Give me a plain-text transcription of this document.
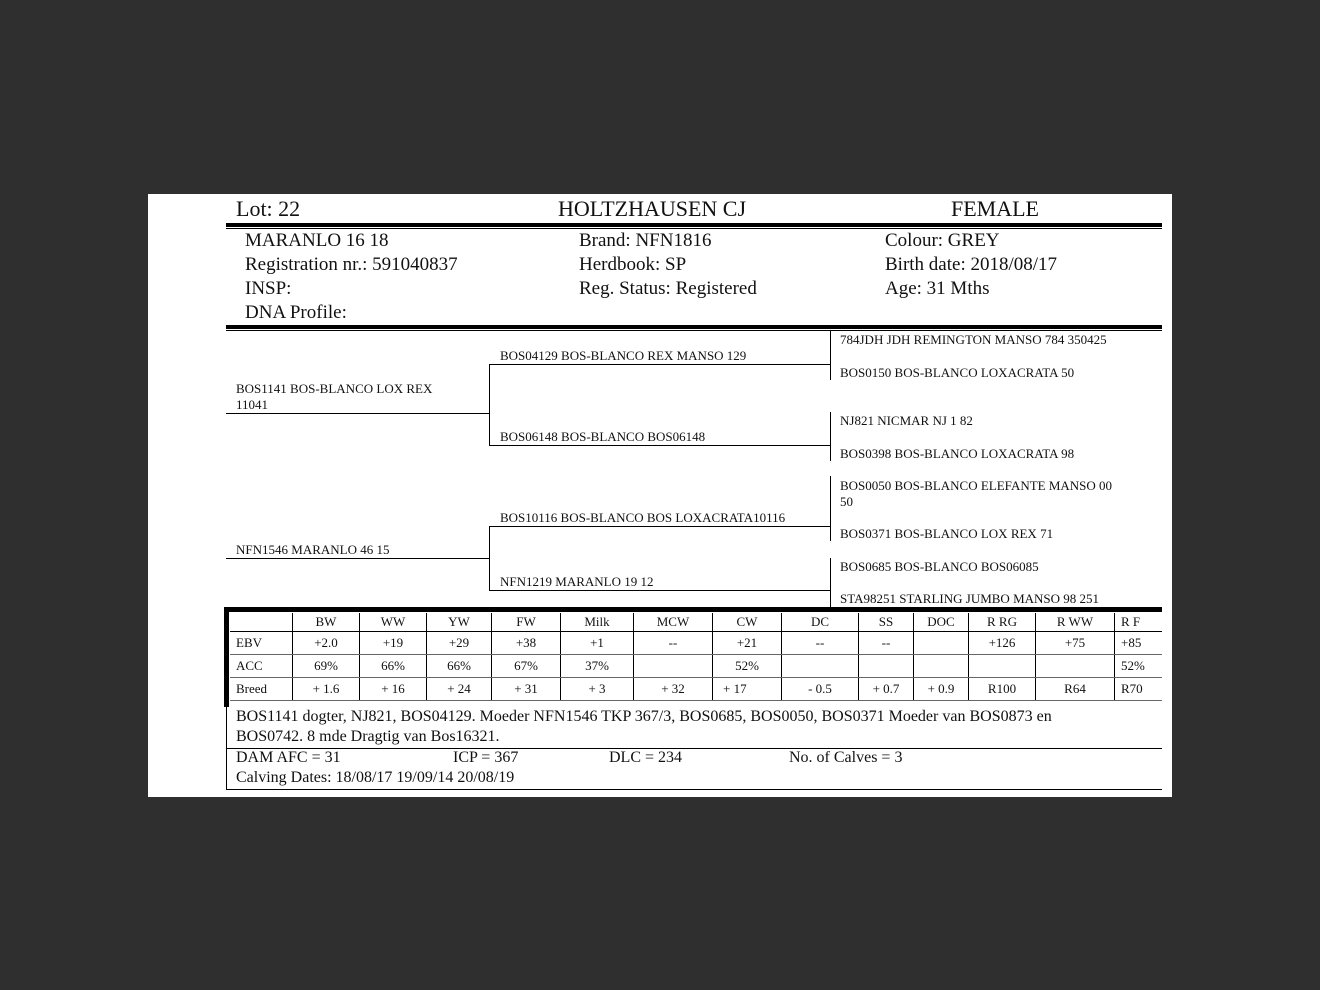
Lot: 22	HOLTZHAUSEN CJ	FEMALE
MARANLO 16 18
Registration nr.: 591040837
INSP:
DNA Profile:
Brand: NFN1816
Herdbook: SP
Reg. Status: Registered
Colour: GREY
Birth date: 2018/08/17
Age: 31 Mths
BOS1141 BOS-BLANCO LOX REX
11041
NFN1546 MARANLO 46 15
BOS04129 BOS-BLANCO REX MANSO 129
BOS06148 BOS-BLANCO BOS06148
BOS10116 BOS-BLANCO BOS LOXACRATA10116
NFN1219 MARANLO 19 12
784JDH JDH REMINGTON MANSO 784 350425
BOS0150 BOS-BLANCO LOXACRATA 50
NJ821 NICMAR NJ 1 82
BOS0398 BOS-BLANCO LOXACRATA 98
BOS0050 BOS-BLANCO ELEFANTE MANSO 00
50
BOS0371 BOS-BLANCO LOX REX 71
BOS0685 BOS-BLANCO BOS06085
STA98251 STARLING JUMBO MANSO 98 251
	BW	WW	YW	FW	Milk	MCW	CW	DC	SS	DOC	R RG	R WW	R F
EBV	+2.0	+19	+29	+38	+1	--	+21	--	--		+126	+75	+85
ACC	69%	66%	66%	67%	37%		52%						52%
Breed	+ 1.6	+ 16	+ 24	+ 31	+ 3	+ 32	+ 17	- 0.5	+ 0.7	+ 0.9	R100	R64	R70
BOS1141 dogter, NJ821, BOS04129. Moeder NFN1546 TKP 367/3, BOS0685, BOS0050, BOS0371 Moeder van BOS0873 en
BOS0742. 8 mde Dragtig van Bos16321.
DAM AFC = 31	ICP = 367	DLC = 234	No. of Calves = 3
Calving Dates: 18/08/17 19/09/14 20/08/19
